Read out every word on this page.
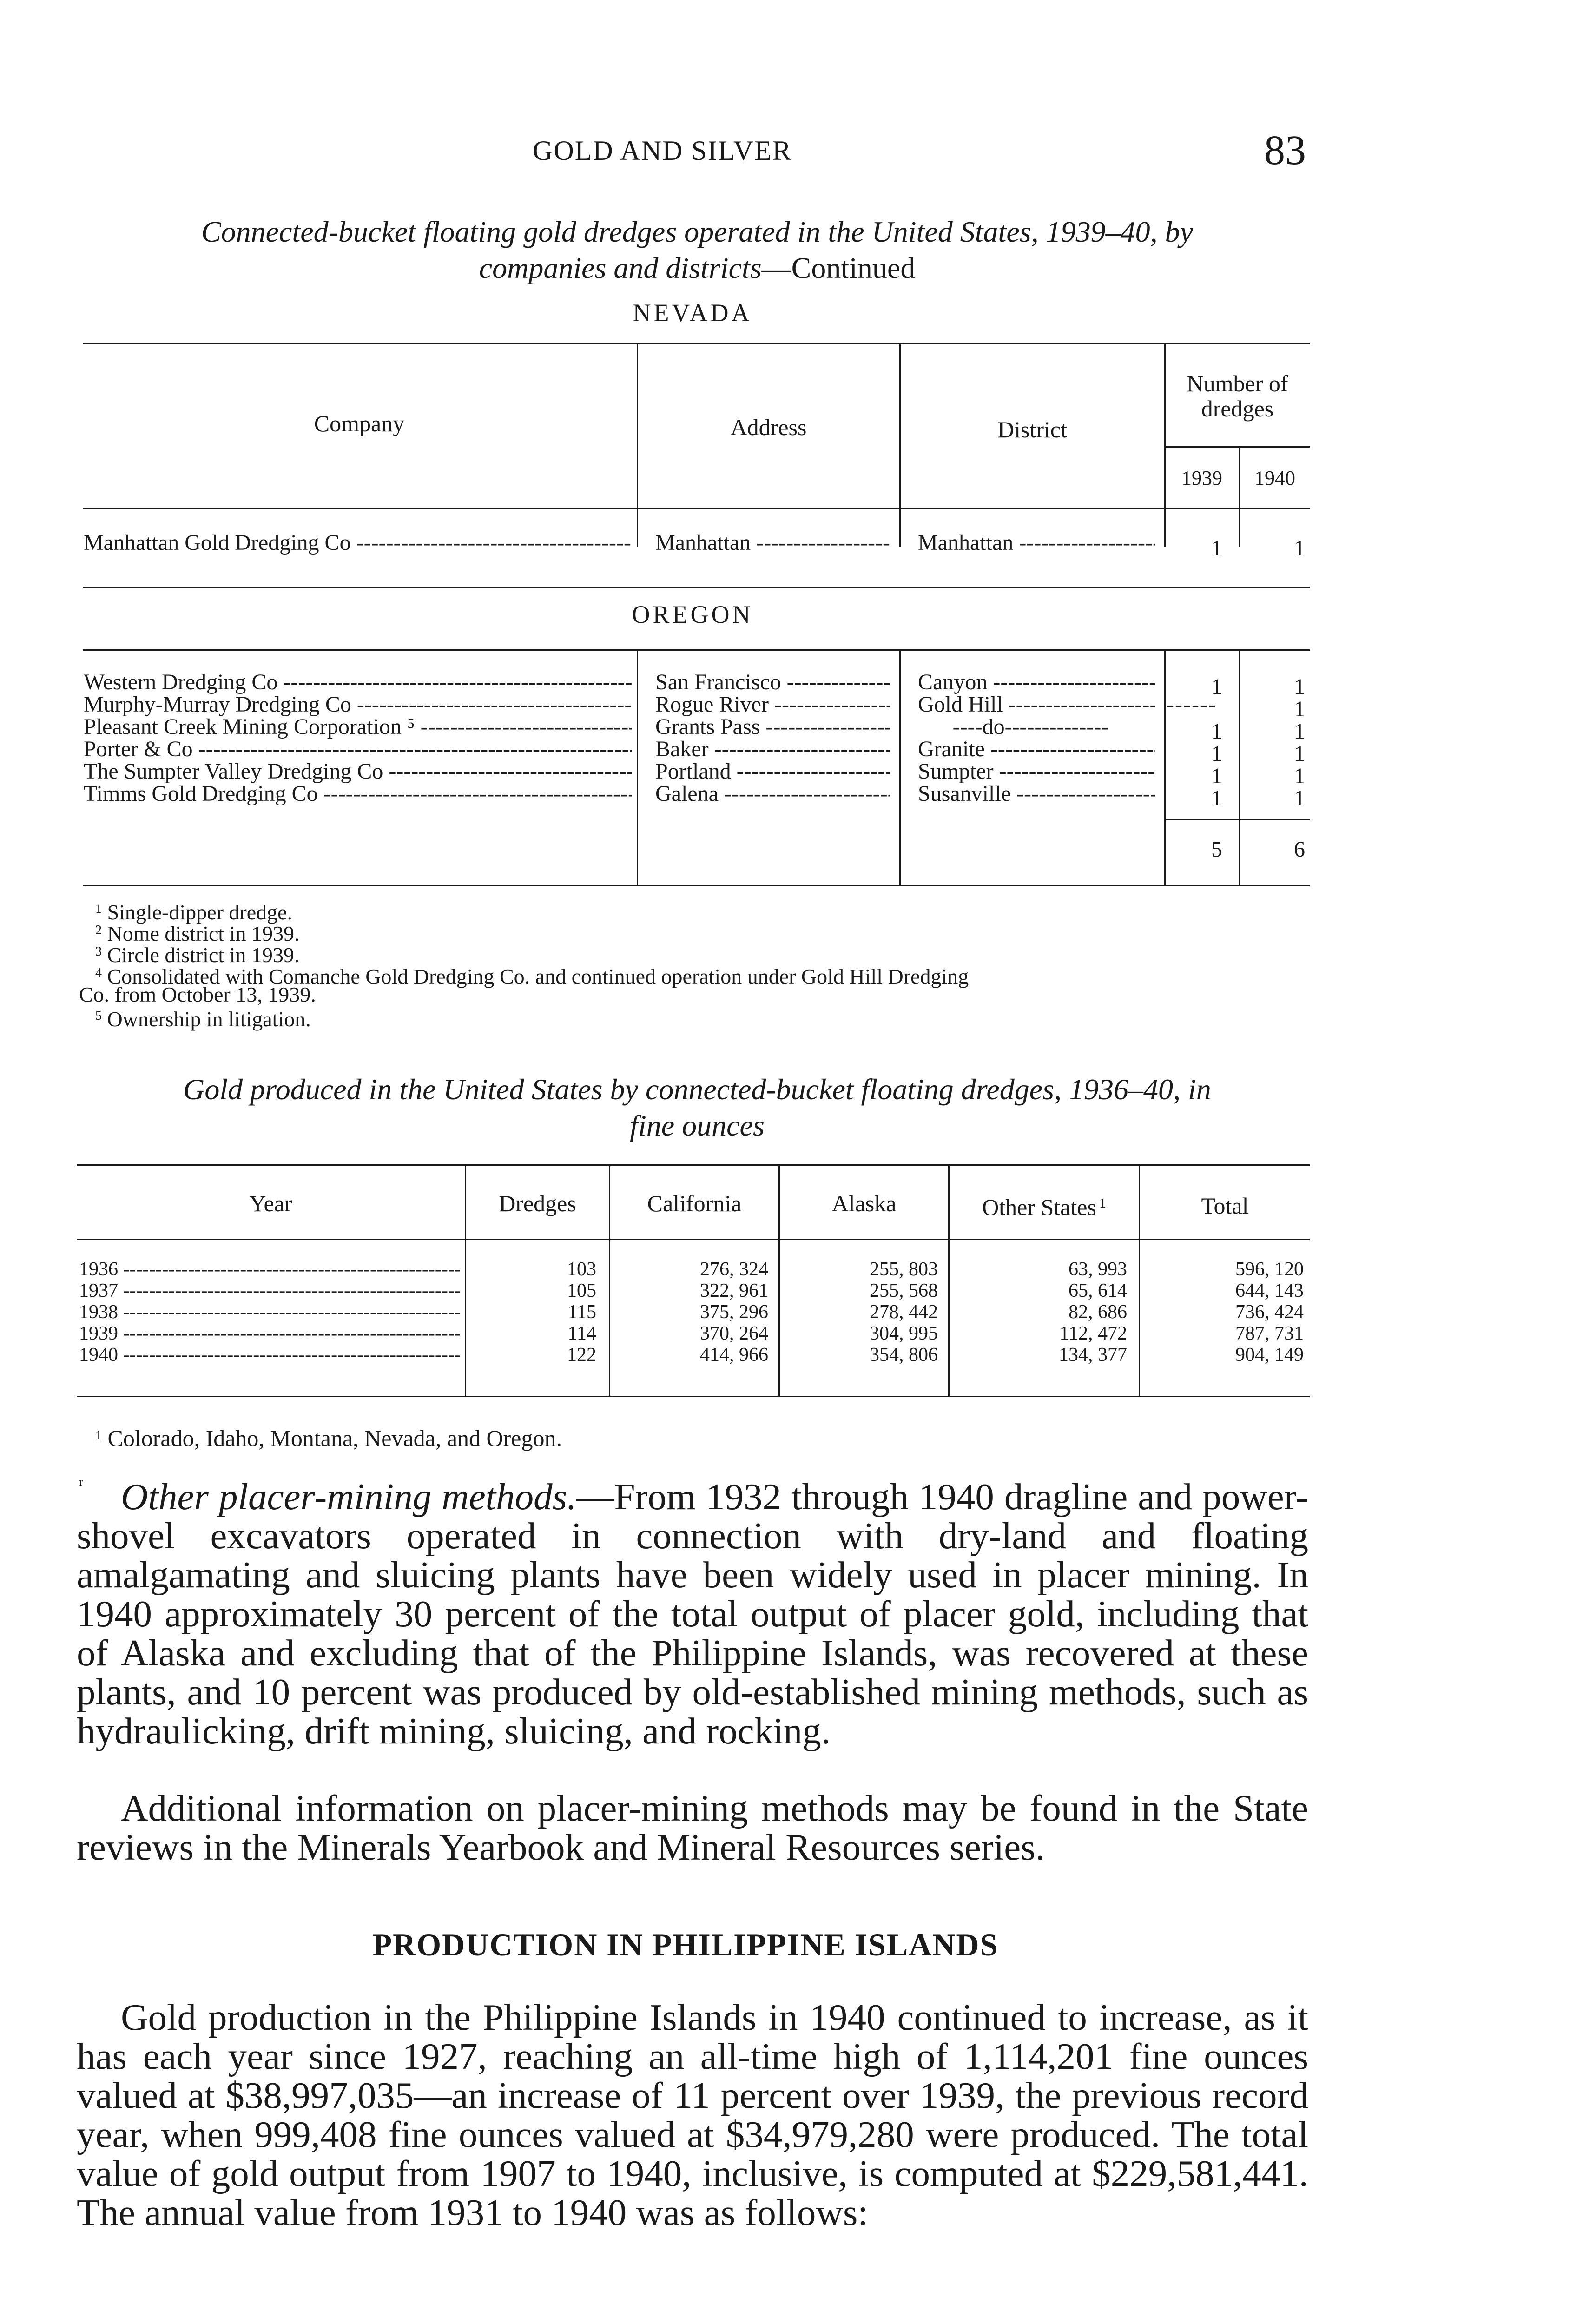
GOLD AND SILVER	83
Connected-bucket floating gold dredges operated in the United States, 1939–40, by
companies and districts—Continued
NEVADA
Company	Address	District
Number of dredges
1939	1940
Manhattan Gold Dredging Co -----	Manhattan -----	Manhattan -----	1	1
OREGON
Western Dredging Co -----	San Francisco -----	Canyon -----	1	1
Murphy-Murray Dredging Co -----	Rogue River -----	Gold Hill -----	------	1
Pleasant Creek Mining Corporation ⁵ -----	Grants Pass -----	----do--------------	1	1
Porter & Co -----	Baker -----	Granite -----	1	1
The Sumpter Valley Dredging Co -----	Portland -----	Sumpter -----	1	1
Timms Gold Dredging Co -----	Galena -----	Susanville -----	1	1
5	6
$^1$ Single-dipper dredge.
$^2$ Nome district in 1939.
$^3$ Circle district in 1939.
$^4$ Consolidated with Comanche Gold Dredging Co. and continued operation under Gold Hill Dredging
Co. from October 13, 1939.
$^5$ Ownership in litigation.
Gold produced in the United States by connected-bucket floating dredges, 1936–40, in
fine ounces
Year	Dredges	California	Alaska	Other States $^1$	Total
1936 -----	103	276, 324	255, 803	63, 993	596, 120
1937 -----	105	322, 961	255, 568	65, 614	644, 143
1938 -----	115	375, 296	278, 442	82, 686	736, 424
1939 -----	114	370, 264	304, 995	112, 472	787, 731
1940 -----	122	414, 966	354, 806	134, 377	904, 149
$^1$ Colorado, Idaho, Montana, Nevada, and Oregon.
ʳ	Other placer-mining methods.—From 1932 through 1940 dragline and power-shovel excavators operated in connection with dry-land and floating amalgamating and sluicing plants have been widely used in placer mining. In 1940 approximately 30 percent of the total output of placer gold, including that of Alaska and excluding that of the Philippine Islands, was recovered at these plants, and 10 percent was produced by old-established mining methods, such as hydraulicking, drift mining, sluicing, and rocking.
Additional information on placer-mining methods may be found in the State reviews in the Minerals Yearbook and Mineral Resources series.
PRODUCTION IN PHILIPPINE ISLANDS
Gold production in the Philippine Islands in 1940 continued to increase, as it has each year since 1927, reaching an all-time high of 1,114,201 fine ounces valued at $38,997,035—an increase of 11 percent over 1939, the previous record year, when 999,408 fine ounces valued at $34,979,280 were produced. The total value of gold output from 1907 to 1940, inclusive, is computed at $229,581,441. The annual value from 1931 to 1940 was as follows:
